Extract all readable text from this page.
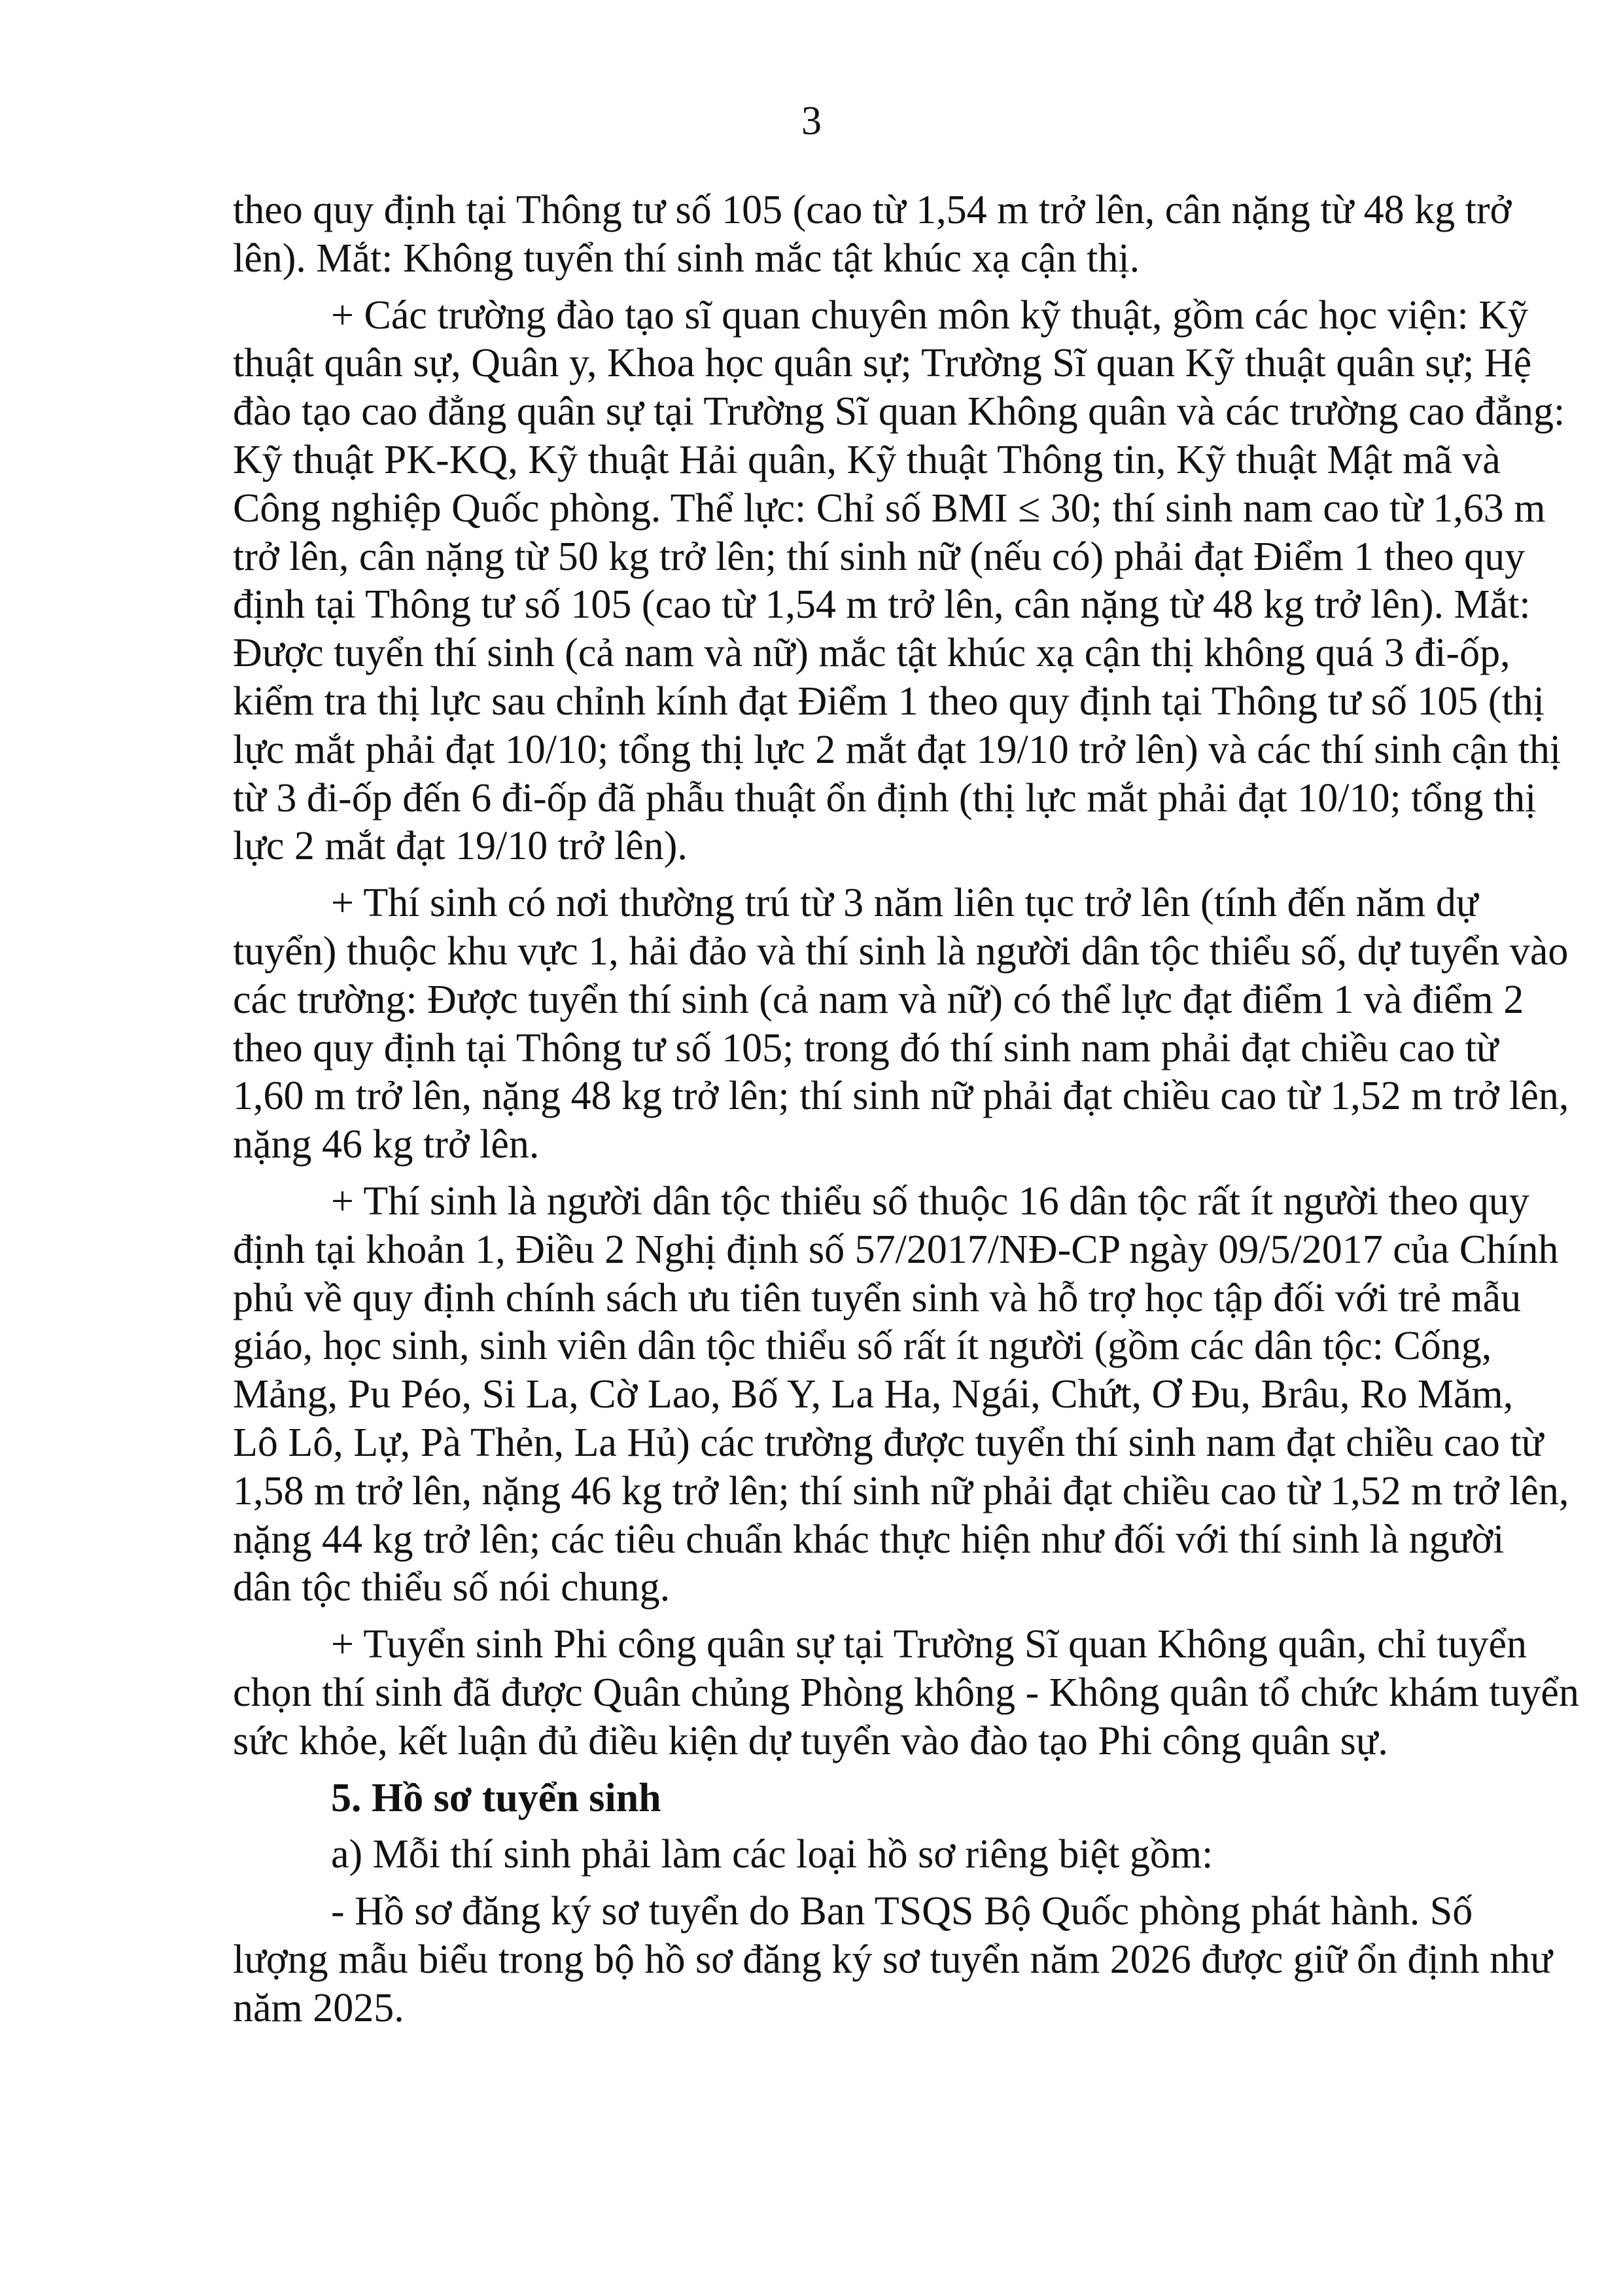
3
theo quy định tại Thông tư số 105 (cao từ 1,54 m trở lên, cân nặng từ 48 kg trở
lên). Mắt: Không tuyển thí sinh mắc tật khúc xạ cận thị.
+ Các trường đào tạo sĩ quan chuyên môn kỹ thuật, gồm các học viện: Kỹ
thuật quân sự, Quân y, Khoa học quân sự; Trường Sĩ quan Kỹ thuật quân sự; Hệ
đào tạo cao đẳng quân sự tại Trường Sĩ quan Không quân và các trường cao đẳng:
Kỹ thuật PK-KQ, Kỹ thuật Hải quân, Kỹ thuật Thông tin, Kỹ thuật Mật mã và
Công nghiệp Quốc phòng. Thể lực: Chỉ số BMI ≤ 30; thí sinh nam cao từ 1,63 m
trở lên, cân nặng từ 50 kg trở lên; thí sinh nữ (nếu có) phải đạt Điểm 1 theo quy
định tại Thông tư số 105 (cao từ 1,54 m trở lên, cân nặng từ 48 kg trở lên). Mắt:
Được tuyển thí sinh (cả nam và nữ) mắc tật khúc xạ cận thị không quá 3 đi-ốp,
kiểm tra thị lực sau chỉnh kính đạt Điểm 1 theo quy định tại Thông tư số 105 (thị
lực mắt phải đạt 10/10; tổng thị lực 2 mắt đạt 19/10 trở lên) và các thí sinh cận thị
từ 3 đi-ốp đến 6 đi-ốp đã phẫu thuật ổn định (thị lực mắt phải đạt 10/10; tổng thị
lực 2 mắt đạt 19/10 trở lên).
+ Thí sinh có nơi thường trú từ 3 năm liên tục trở lên (tính đến năm dự
tuyển) thuộc khu vực 1, hải đảo và thí sinh là người dân tộc thiểu số, dự tuyển vào
các trường: Được tuyển thí sinh (cả nam và nữ) có thể lực đạt điểm 1 và điểm 2
theo quy định tại Thông tư số 105; trong đó thí sinh nam phải đạt chiều cao từ
1,60 m trở lên, nặng 48 kg trở lên; thí sinh nữ phải đạt chiều cao từ 1,52 m trở lên,
nặng 46 kg trở lên.
+ Thí sinh là người dân tộc thiểu số thuộc 16 dân tộc rất ít người theo quy
định tại khoản 1, Điều 2 Nghị định số 57/2017/NĐ-CP ngày 09/5/2017 của Chính
phủ về quy định chính sách ưu tiên tuyển sinh và hỗ trợ học tập đối với trẻ mẫu
giáo, học sinh, sinh viên dân tộc thiểu số rất ít người (gồm các dân tộc: Cống,
Mảng, Pu Péo, Si La, Cờ Lao, Bố Y, La Ha, Ngái, Chứt, Ơ Đu, Brâu, Ro Măm,
Lô Lô, Lự, Pà Thẻn, La Hủ) các trường được tuyển thí sinh nam đạt chiều cao từ
1,58 m trở lên, nặng 46 kg trở lên; thí sinh nữ phải đạt chiều cao từ 1,52 m trở lên,
nặng 44 kg trở lên; các tiêu chuẩn khác thực hiện như đối với thí sinh là người
dân tộc thiểu số nói chung.
+ Tuyển sinh Phi công quân sự tại Trường Sĩ quan Không quân, chỉ tuyển
chọn thí sinh đã được Quân chủng Phòng không - Không quân tổ chức khám tuyển
sức khỏe, kết luận đủ điều kiện dự tuyển vào đào tạo Phi công quân sự.
5. Hồ sơ tuyển sinh
a) Mỗi thí sinh phải làm các loại hồ sơ riêng biệt gồm:
- Hồ sơ đăng ký sơ tuyển do Ban TSQS Bộ Quốc phòng phát hành. Số
lượng mẫu biểu trong bộ hồ sơ đăng ký sơ tuyển năm 2026 được giữ ổn định như
năm 2025.
